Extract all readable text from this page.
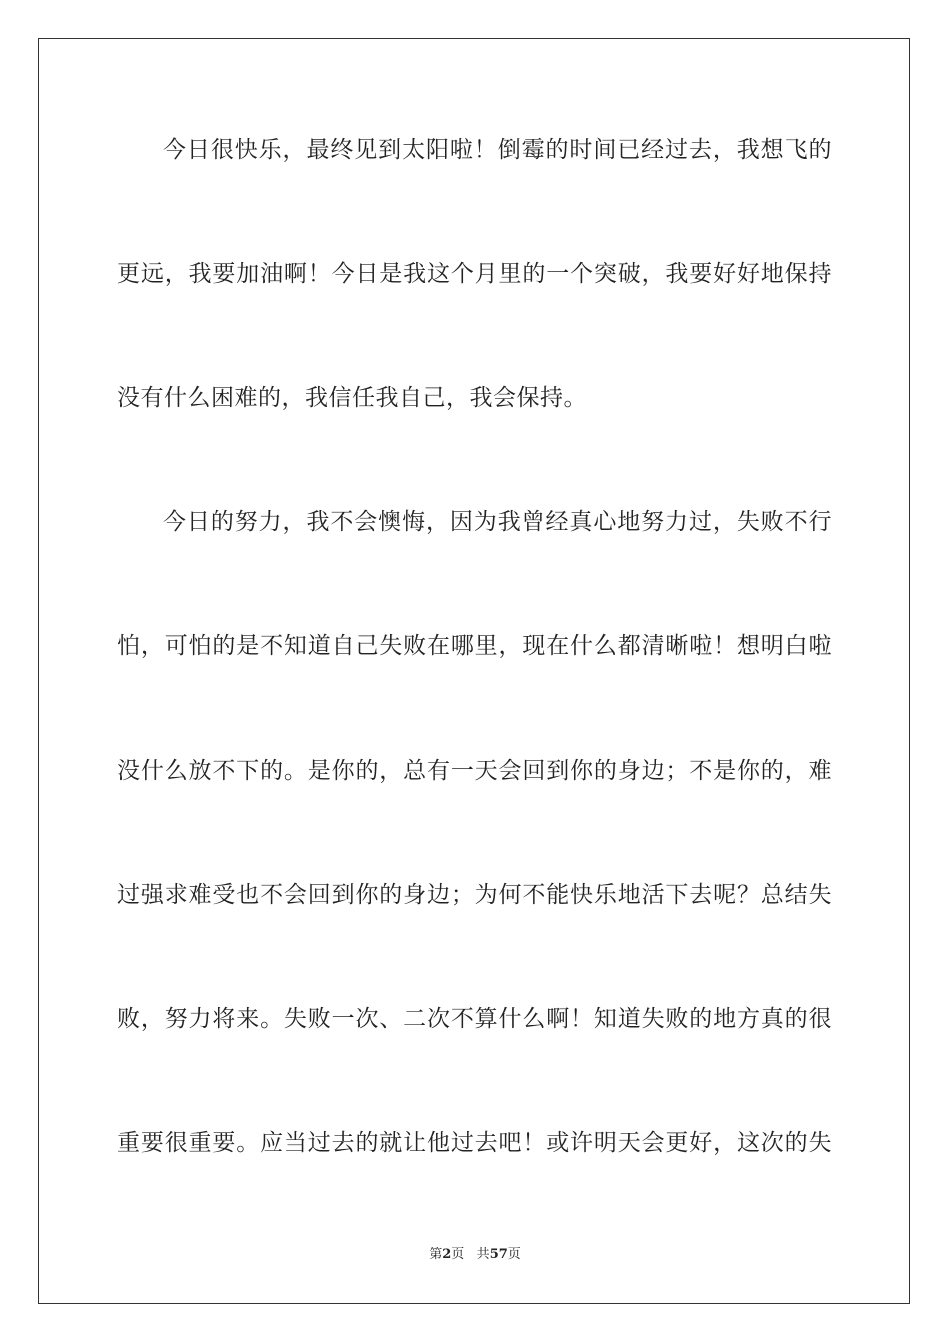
今日很快乐，最终见到太阳啦！倒霉的时间已经过去，我想飞的
更远，我要加油啊！今日是我这个月里的一个突破，我要好好地保持
没有什么困难的，我信任我自己，我会保持。
今日的努力，我不会懊悔，因为我曾经真心地努力过，失败不行
怕，可怕的是不知道自己失败在哪里，现在什么都清晰啦！想明白啦
没什么放不下的。是你的，总有一天会回到你的身边；不是你的，难
过强求难受也不会回到你的身边；为何不能快乐地活下去呢？总结失
败，努力将来。失败一次、二次不算什么啊！知道失败的地方真的很
重要很重要。应当过去的就让他过去吧！或许明天会更好，这次的失
第2页 共57页
